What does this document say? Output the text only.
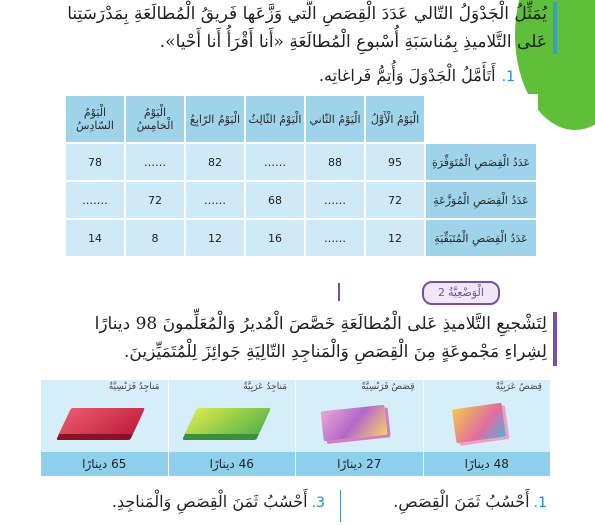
يُمَثِّلُ الْجَدْوَلُ التّالي عَدَدَ الْقِصَصِ الَّتي وَزَّعَها فَريقُ الْمُطالَعَةِ بِمَدْرَسَتِنا
عَلى التَّلاميذِ بِمُناسَبَةِ أُسْبوعِ الْمُطالَعَةِ «أَنا أَقْرَأُ أَنا أَحْيا».
1.أَتَأَمَّلُ الْجَدْوَلَ وَأُتِمُّ فَراغاتِه.
	الْيَوْمُ الْأَوَّلُ	الْيَوْمُ الثّاني	الْيَوْمُ الثّالِثُ	الْيَوْمُ الرّابِعُ	الْيَوْمُ الْخامِسُ	الْيَوْمُ السّادِسُ
عَدَدُ الْقِصَصِ الْمُتَوَفِّرَةِ	95	88	……	82	……	78
عَدَدُ الْقِصَصِ الْمُوَزَّعَةِ	72	……	68	……	72	…….
عَدَدُ الْقِصَصِ الْمُتَبَقِّيَةِ	12	……	16	12	8	14
الْوَضْعِيَّةُ2
لِتَشْجيعِ التَّلاميذِ عَلى الْمُطالَعَةِ خَصَّصَ الْمُديرُ وَالْمُعَلِّمونَ 98 دينارًا
لِشِراءِ مَجْموعَةٍ مِنَ الْقِصَصِ وَالْمَناجِدِ التّالِيَةِ جَوائِزَ لِلْمُتَمَيِّزينَ.
قِصَصٌ عَرَبِيَّةٌ
48 دينارًا
قِصَصٌ فَرَنْسِيَّةٌ
27 دينارًا
مَناجِدُ عَرَبِيَّةٌ
46 دينارًا
مَناجِدُ فَرَنْسِيَّةٌ
65 دينارًا
1.أَحْسُبُ ثَمَنَ الْقِصَصِ.
3.أَحْسُبُ ثَمَنَ الْقِصَصِ وَالْمَناجِدِ.
